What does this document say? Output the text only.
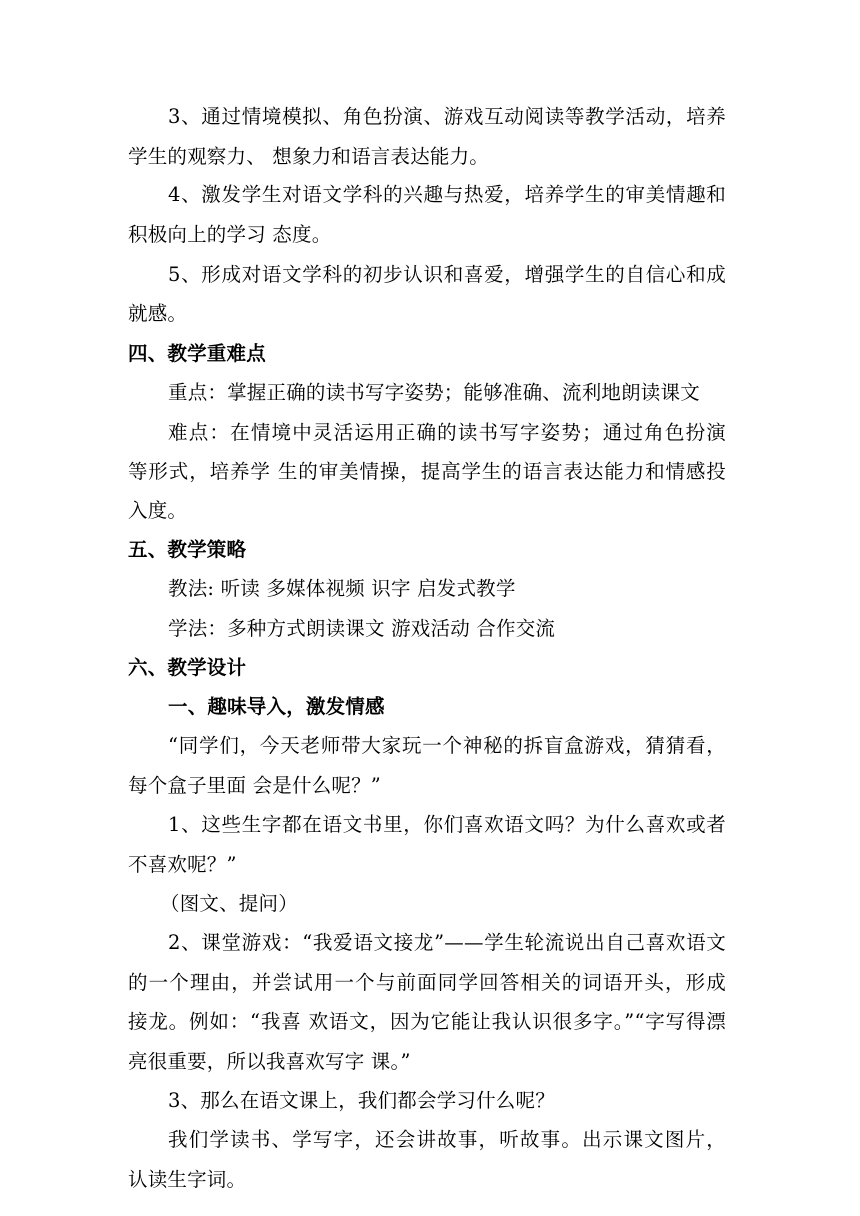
3、通过情境模拟、角色扮演、游戏互动阅读等教学活动，培养
学生的观察力、 想象力和语言表达能力。
4、激发学生对语文学科的兴趣与热爱，培养学生的审美情趣和
积极向上的学习 态度。
5、形成对语文学科的初步认识和喜爱，增强学生的自信心和成
就感。
四、教学重难点
重点：掌握正确的读书写字姿势；能够准确、流利地朗读课文
难点：在情境中灵活运用正确的读书写字姿势；通过角色扮演
等形式，培养学 生的审美情操，提高学生的语言表达能力和情感投
入度。
五、教学策略
教法: 听读 多媒体视频 识字 启发式教学
学法：多种方式朗读课文 游戏活动 合作交流
六、教学设计
一、趣味导入，激发情感
“同学们，今天老师带大家玩一个神秘的拆盲盒游戏，猜猜看，
每个盒子里面 会是什么呢？”
1、这些生字都在语文书里，你们喜欢语文吗？为什么喜欢或者
不喜欢呢？”
（图文、提问）
2、课堂游戏：“我爱语文接龙”——学生轮流说出自己喜欢语文
的一个理由，并尝试用一个与前面同学回答相关的词语开头，形成
接龙。例如：“我喜 欢语文，因为它能让我认识很多字。”“字写得漂
亮很重要，所以我喜欢写字 课。”
3、那么在语文课上，我们都会学习什么呢？
我们学读书、学写字，还会讲故事，听故事。出示课文图片，
认读生字词。
